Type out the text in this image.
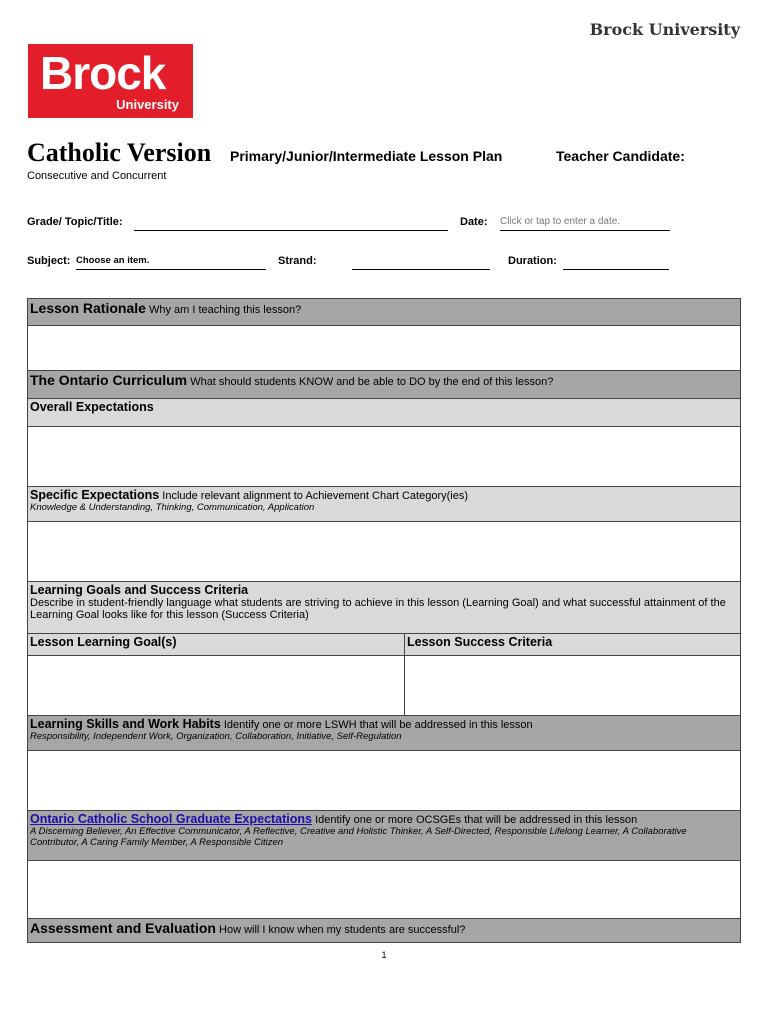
Brock University
Brock
University
Catholic Version Primary/Junior/Intermediate Lesson Plan	Teacher Candidate:
Consecutive and Concurrent
Grade/ Topic/Title:	Date: Click or tap to enter a date.
Subject: Choose an item.	Strand:	Duration:
Lesson Rationale Why am I teaching this lesson?	

The Ontario Curriculum What should students KNOW and be able to DO by the end of this lesson?	
Overall Expectations	

Specific Expectations Include relevant alignment to Achievement Chart Category(ies)
Knowledge & Understanding, Thinking, Communication, Application	

Learning Goals and Success Criteria
Describe in student-friendly language what students are striving to achieve in this lesson (Learning Goal) and what successful attainment of the Learning Goal looks like for this lesson (Success Criteria)	

Lesson Learning Goal(s)	Lesson Success Criteria

Learning Skills and Work Habits Identify one or more LSWH that will be addressed in this lesson
Responsibility, Independent Work, Organization, Collaboration, Initiative, Self-Regulation	

Ontario Catholic School Graduate Expectations Identify one or more OCSGEs that will be addressed in this lesson
A Discerning Believer, An Effective Communicator, A Reflective, Creative and Holistic Thinker, A Self-Directed, Responsible Lifelong Learner, A Collaborative Contributor, A Caring Family Member, A Responsible Citizen	

Assessment and Evaluation How will I know when my students are successful?	
1
